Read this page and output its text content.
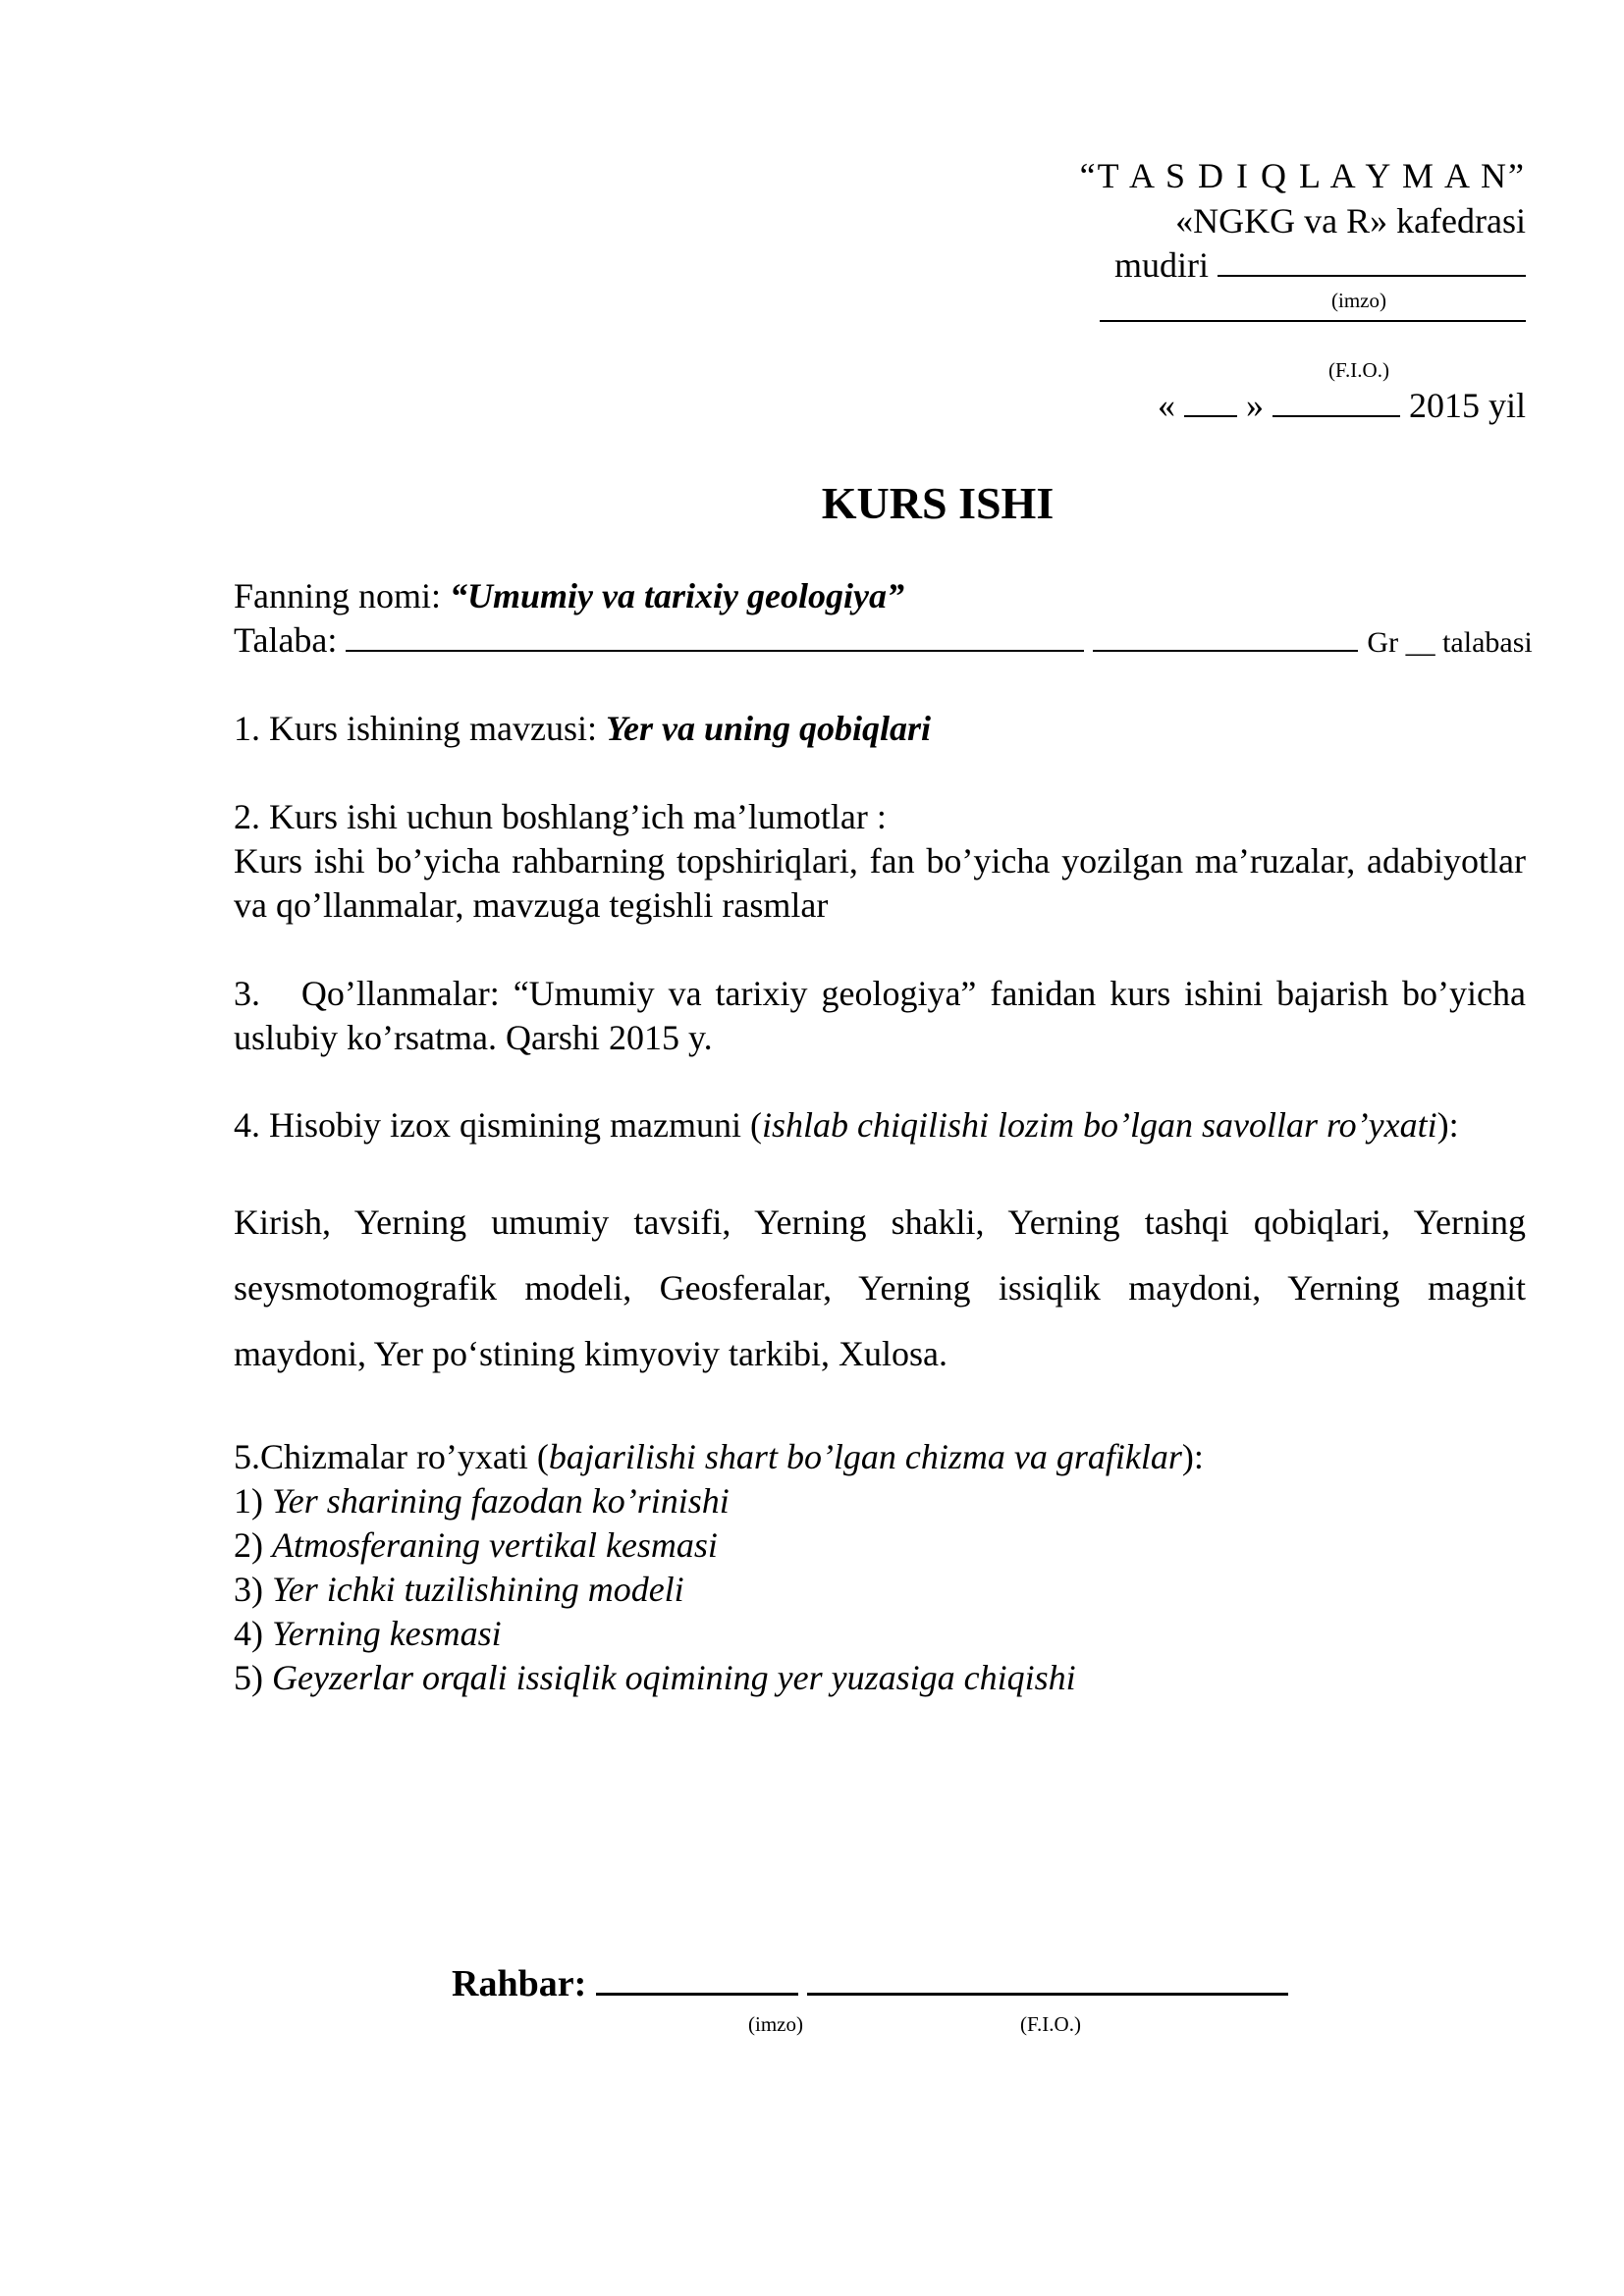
“T A S D I Q L A Y M A N”
«NGKG va R» kafedrasi
mudiri
(imzo)
(F.I.O.)
« »	2015 yil
KURS ISHI
Fanning nomi: “Umumiy va tarixiy geologiya”
Talaba:	Gr __ talabasi
1. Kurs ishining mavzusi: Yer va uning qobiqlari
2. Kurs ishi uchun boshlang’ich ma’lumotlar :
Kurs ishi bo’yicha rahbarning topshiriqlari, fan bo’yicha yozilgan ma’ruzalar, adabiyotlar va qo’llanmalar, mavzuga tegishli rasmlar
3.   Qo’llanmalar: “Umumiy va tarixiy geologiya” fanidan kurs ishini bajarish bo’yicha uslubiy ko’rsatma. Qarshi 2015 y.
4. Hisobiy izox qismining mazmuni (ishlab chiqilishi lozim bo’lgan savollar ro’yxati):
Kirish, Yerning umumiy tavsifi, Yerning shakli, Yerning tashqi qobiqlari, Yerning seysmotomografik modeli, Geosferalar, Yerning issiqlik maydoni, Yerning magnit maydoni, Yer po‘stining kimyoviy tarkibi, Xulosa.
5.Chizmalar ro’yxati (bajarilishi shart bo’lgan chizma va grafiklar):
1) Yer sharining fazodan ko’rinishi
2) Atmosferaning vertikal kesmasi
3) Yer ichki tuzilishining modeli
4) Yerning kesmasi
5) Geyzerlar orqali issiqlik oqimining yer yuzasiga chiqishi
Rahbar:
(imzo)	(F.I.O.)
